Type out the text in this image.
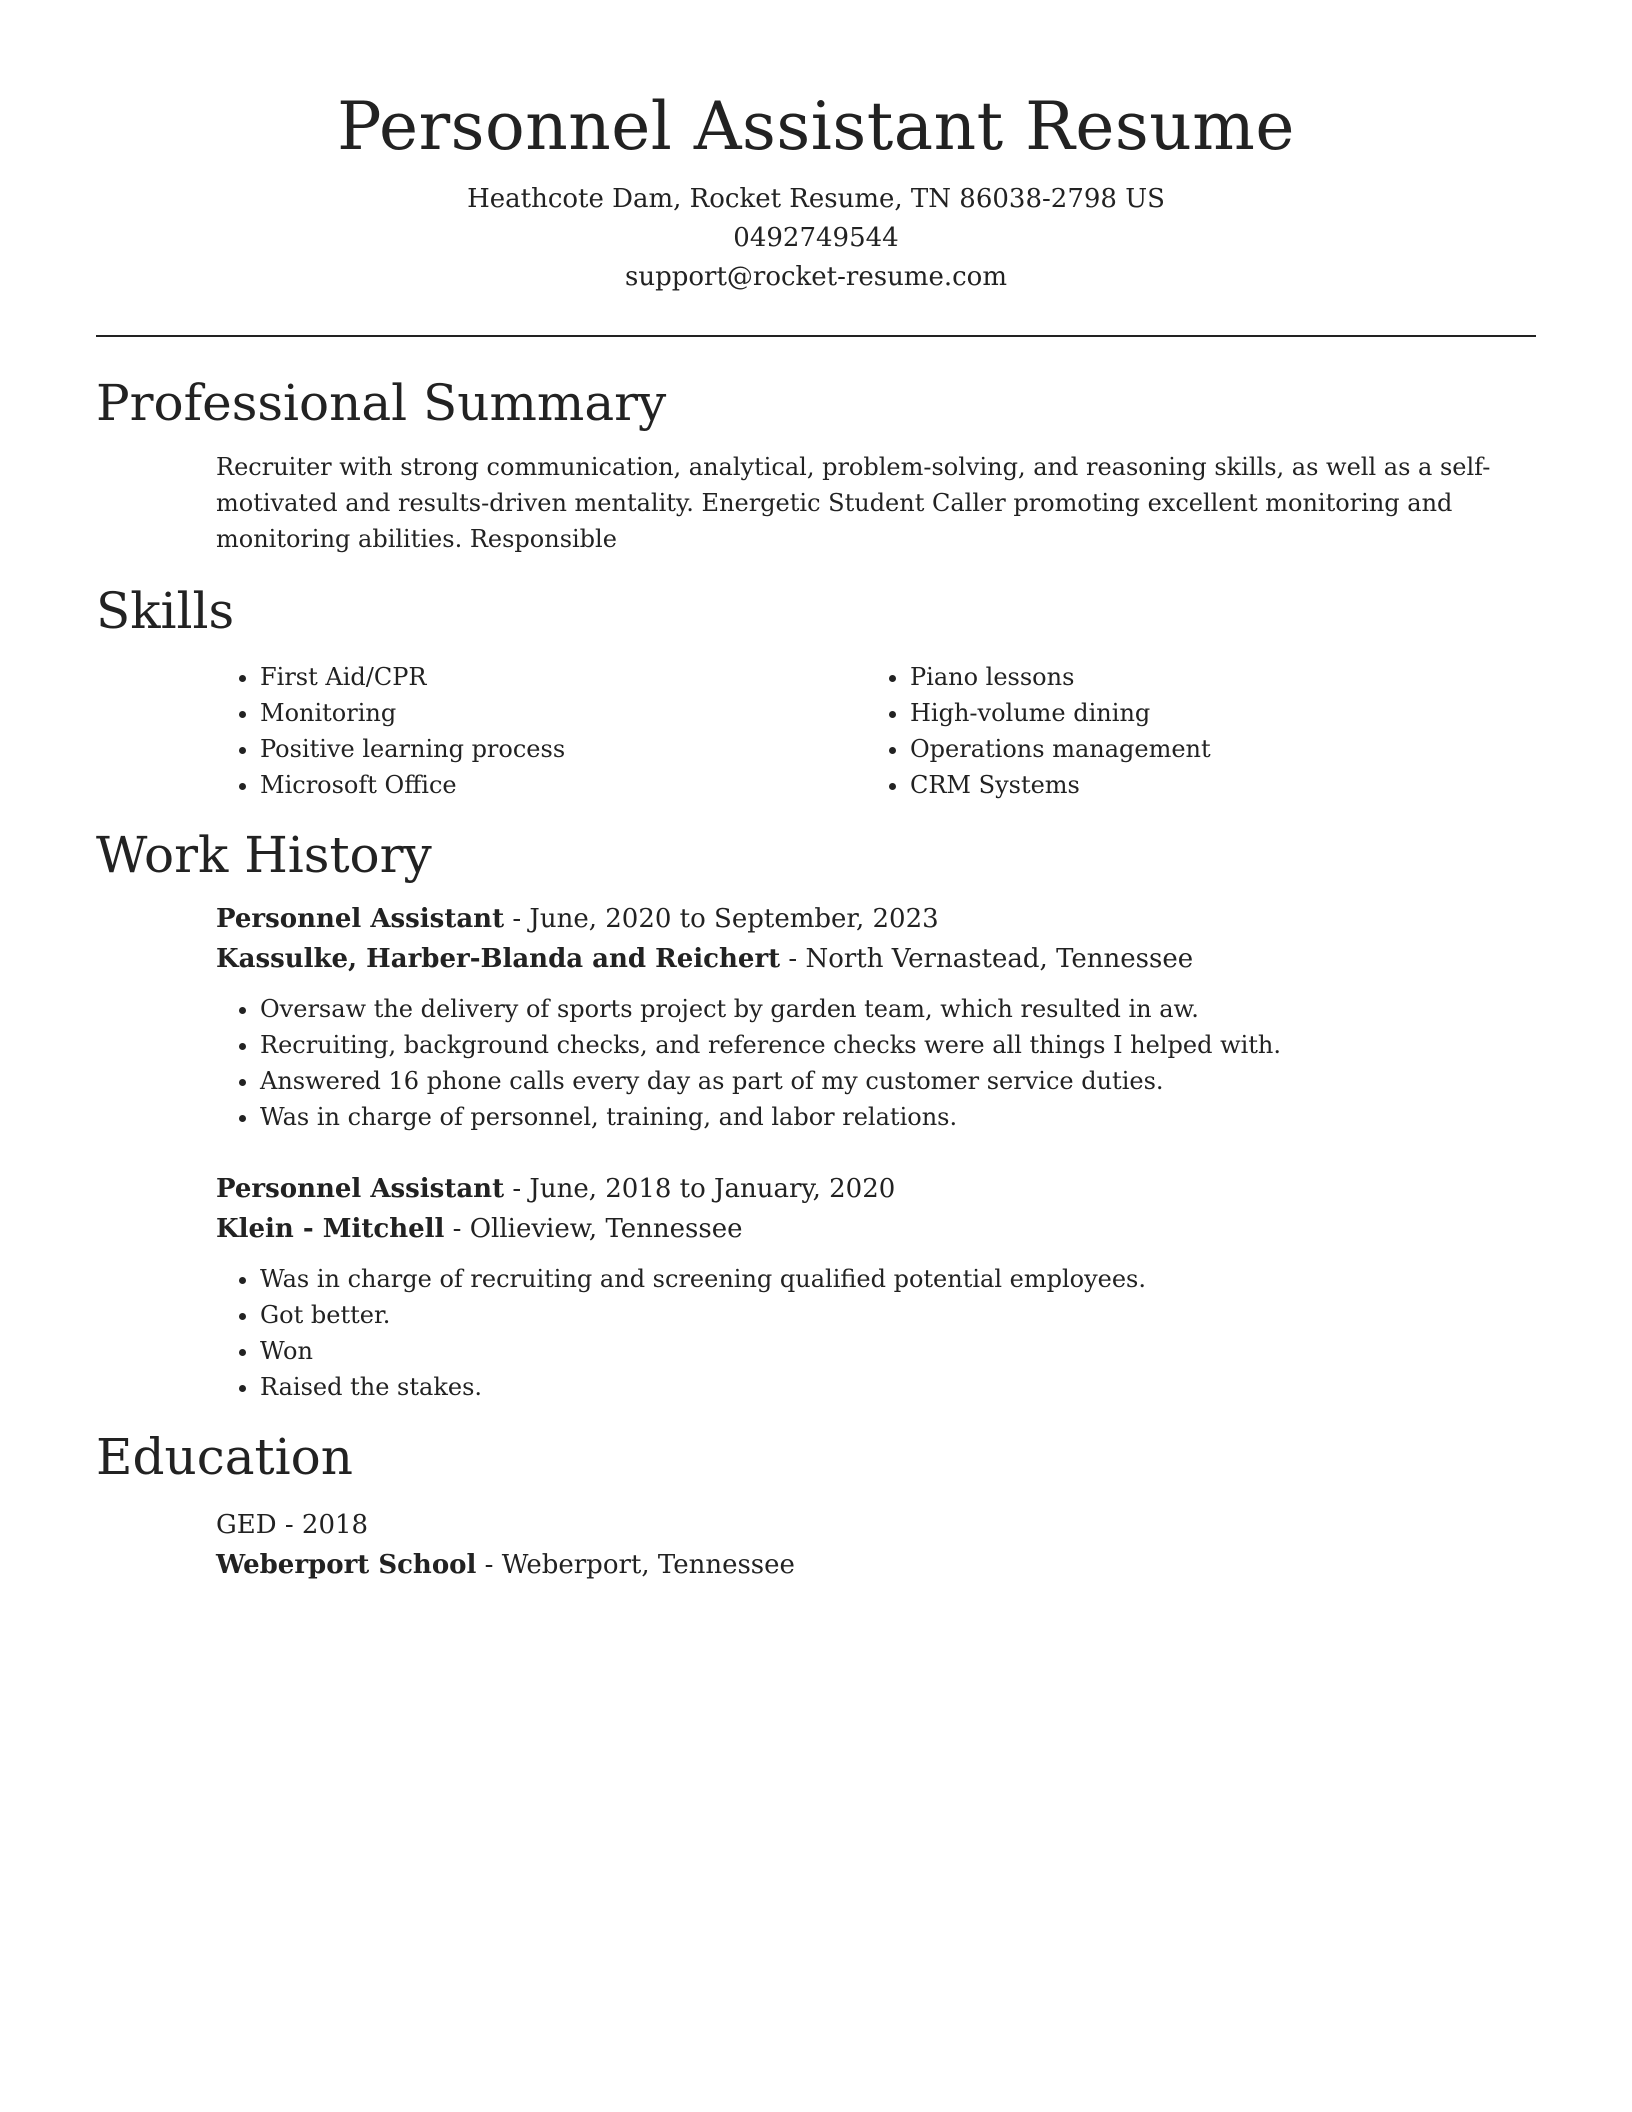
Personnel Assistant Resume
Heathcote Dam, Rocket Resume, TN 86038-2798 US
0492749544
support@rocket-resume.com
Professional Summary
Recruiter with strong communication, analytical, problem-solving, and reasoning skills, as well as a self-motivated and results-driven mentality. Energetic Student Caller promoting excellent monitoring and monitoring abilities. Responsible
Skills
• First Aid/CPR
• Monitoring
• Positive learning process
• Microsoft Office
• Piano lessons
• High-volume dining
• Operations management
• CRM Systems
Work History
Personnel Assistant - June, 2020 to September, 2023
Kassulke, Harber-Blanda and Reichert - North Vernastead, Tennessee
• Oversaw the delivery of sports project by garden team, which resulted in aw.
• Recruiting, background checks, and reference checks were all things I helped with.
• Answered 16 phone calls every day as part of my customer service duties.
• Was in charge of personnel, training, and labor relations.
Personnel Assistant - June, 2018 to January, 2020
Klein - Mitchell - Ollieview, Tennessee
• Was in charge of recruiting and screening qualified potential employees.
• Got better.
• Won
• Raised the stakes.
Education
GED - 2018
Weberport School - Weberport, Tennessee
